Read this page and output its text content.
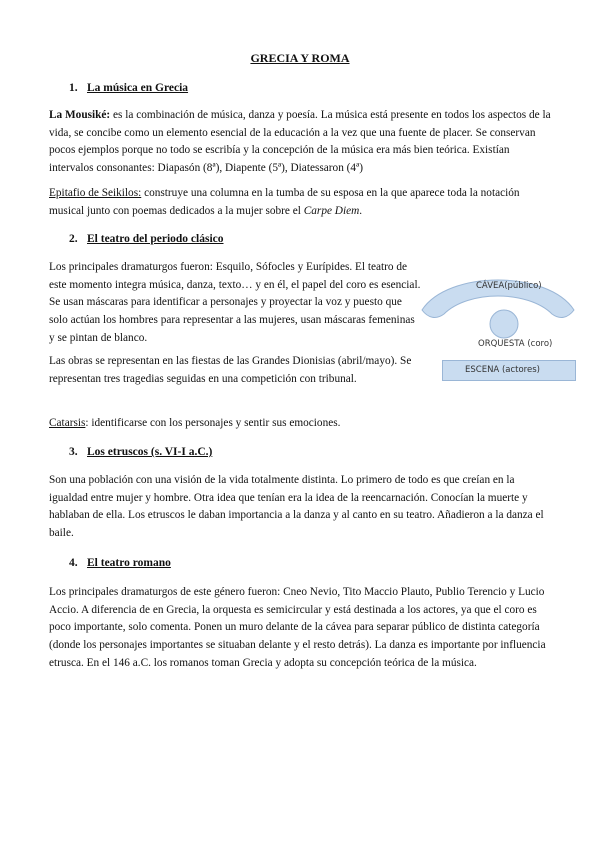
GRECIA Y ROMA
1. La música en Grecia
La Mousiké: es la combinación de música, danza y poesía. La música está presente en todos los aspectos de la vida, se concibe como un elemento esencial de la educación a la vez que una fuente de placer. Se conservan pocos ejemplos porque no todo se escribía y la concepción de la música era más bien teórica. Existían intervalos consonantes: Diapasón (8ª), Diapente (5ª), Diatessaron (4ª)
Epitafio de Seikilos: construye una columna en la tumba de su esposa en la que aparece toda la notación musical junto con poemas dedicados a la mujer sobre el Carpe Diem.
2. El teatro del periodo clásico
Los principales dramaturgos fueron: Esquilo, Sófocles y Eurípides. El teatro de este momento integra música, danza, texto… y en él, el papel del coro es esencial. Se usan máscaras para identificar a personajes y proyectar la voz y puesto que solo actúan los hombres para representar a las mujeres, usan máscaras femeninas y se pintan de blanco.
Las obras se representan en las fiestas de las Grandes Dionisias (abril/mayo). Se representan tres tragedias seguidas en una competición con tribunal.
Catarsis: identificarse con los personajes y sentir sus emociones.
CÁVEA(público)
ORQUESTA (coro)
ESCENA (actores)
3. Los etruscos (s. VI-I a.C.)
Son una población con una visión de la vida totalmente distinta. Lo primero de todo es que creían en la igualdad entre mujer y hombre. Otra idea que tenían era la idea de la reencarnación. Conocían la muerte y hablaban de ella. Los etruscos le daban importancia a la danza y al canto en su teatro. Añadieron a la danza el baile.
4. El teatro romano
Los principales dramaturgos de este género fueron: Cneo Nevio, Tito Maccio Plauto, Publio Terencio y Lucio Accio. A diferencia de en Grecia, la orquesta es semicircular y está destinada a los actores, ya que el coro es poco importante, solo comenta. Ponen un muro delante de la cávea para separar público de distinta categoría (donde los personajes importantes se situaban delante y el resto detrás). La danza es importante por influencia etrusca. En el 146 a.C. los romanos toman Grecia y adopta su concepción teórica de la música.
